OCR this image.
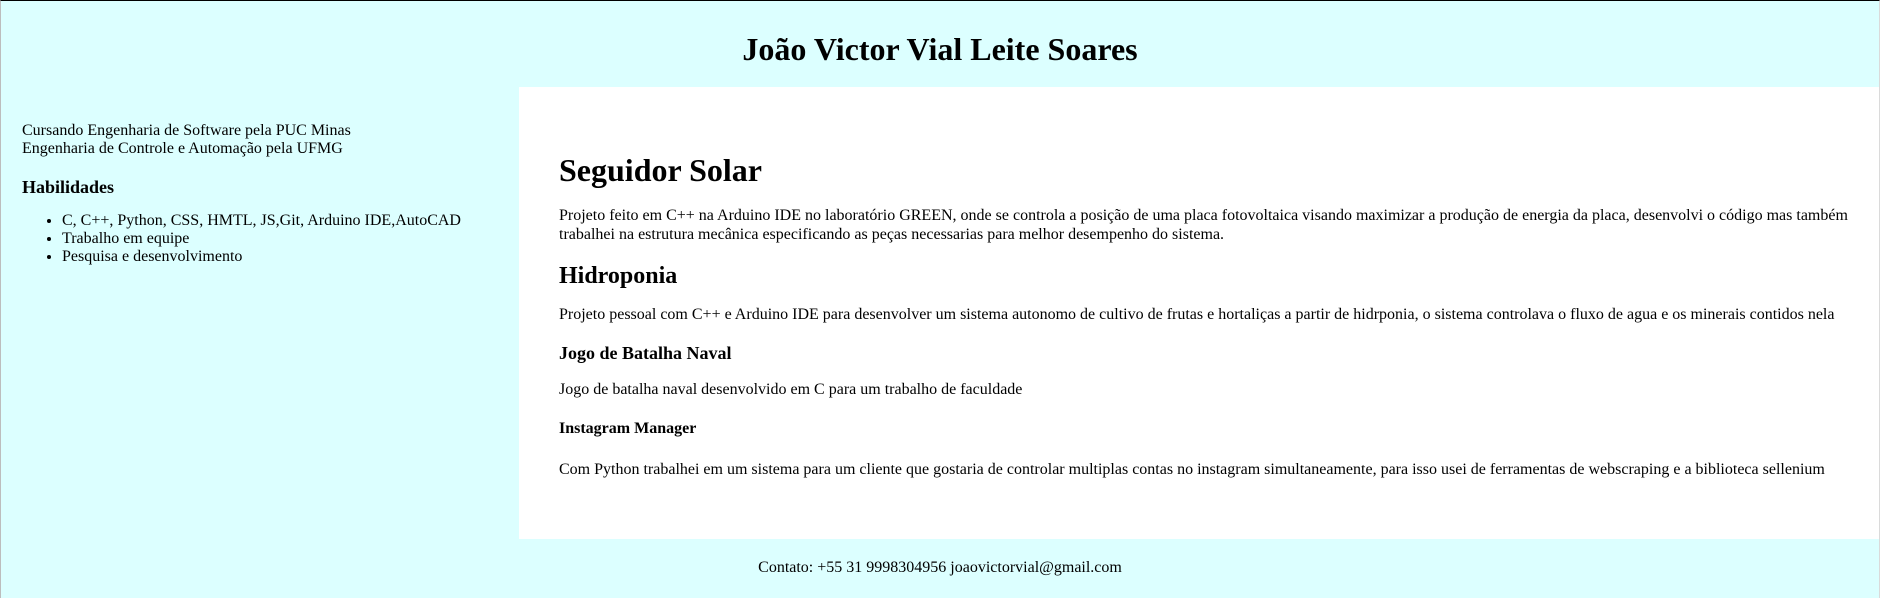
João Victor Vial Leite Soares

Cursando Engenharia de Software pela PUC Minas

Engenharia de Controle e Automação pela UFMG

Habilidades
• C, C++, Python, CSS, HMTL, JS,Git, Arduino IDE,AutoCAD
• Trabalho em equipe
• Pesquisa e desenvolvimento
Seguidor Solar

Projeto feito em C++ na Arduino IDE no laboratório GREEN, onde se controla a posição de uma placa fotovoltaica visando maximizar a produção de energia da placa, desenvolvi o código mas também trabalhei na estrutura mecânica especificando as peças necessarias para melhor desempenho do sistema.

Hidroponia

Projeto pessoal com C++ e Arduino IDE para desenvolver um sistema autonomo de cultivo de frutas e hortaliças a partir de hidrponia, o sistema controlava o fluxo de agua e os minerais contidos nela

Jogo de Batalha Naval

Jogo de batalha naval desenvolvido em C para um trabalho de faculdade

Instagram Manager

Com Python trabalhei em um sistema para um cliente que gostaria de controlar multiplas contas no instagram simultaneamente, para isso usei de ferramentas de webscraping e a biblioteca sellenium

Contato: +55 31 9998304956 joaovictorvial@gmail.com
